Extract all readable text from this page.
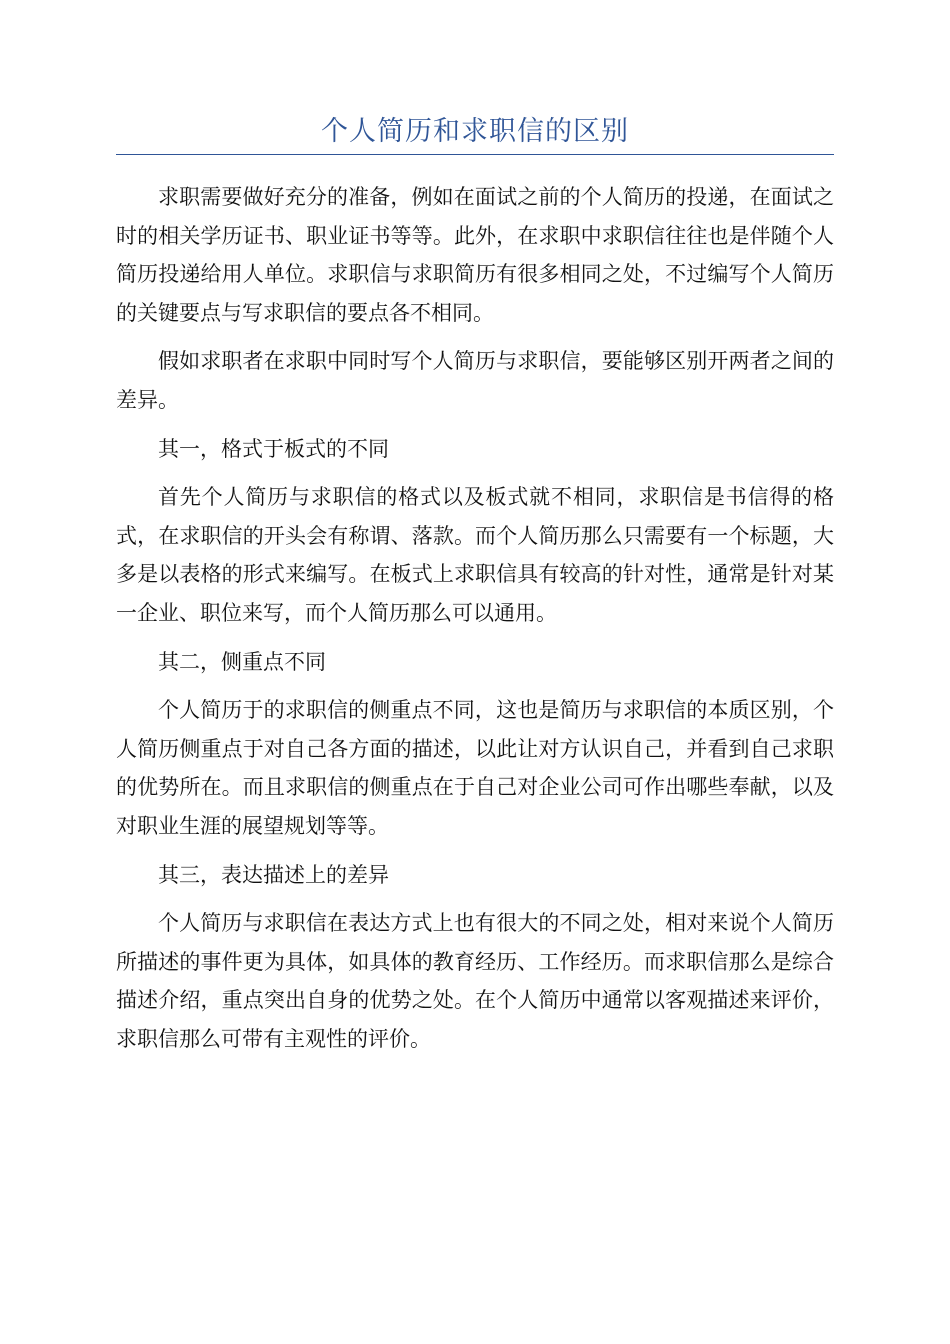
个人简历和求职信的区别

求职需要做好充分的准备，例如在面试之前的个人简历的投递，在面试之时的相关学历证书、职业证书等等。此外，在求职中求职信往往也是伴随个人简历投递给用人单位。求职信与求职简历有很多相同之处，不过编写个人简历的关键要点与写求职信的要点各不相同。

假如求职者在求职中同时写个人简历与求职信，要能够区别开两者之间的差异。

其一，格式于板式的不同

首先个人简历与求职信的格式以及板式就不相同，求职信是书信得的格式，在求职信的开头会有称谓、落款。而个人简历那么只需要有一个标题，大多是以表格的形式来编写。在板式上求职信具有较高的针对性，通常是针对某一企业、职位来写，而个人简历那么可以通用。

其二，侧重点不同

个人简历于的求职信的侧重点不同，这也是简历与求职信的本质区别，个人简历侧重点于对自己各方面的描述，以此让对方认识自己，并看到自己求职的优势所在。而且求职信的侧重点在于自己对企业公司可作出哪些奉献，以及对职业生涯的展望规划等等。

其三，表达描述上的差异

个人简历与求职信在表达方式上也有很大的不同之处，相对来说个人简历所描述的事件更为具体，如具体的教育经历、工作经历。而求职信那么是综合描述介绍，重点突出自身的优势之处。在个人简历中通常以客观描述来评价，求职信那么可带有主观性的评价。
